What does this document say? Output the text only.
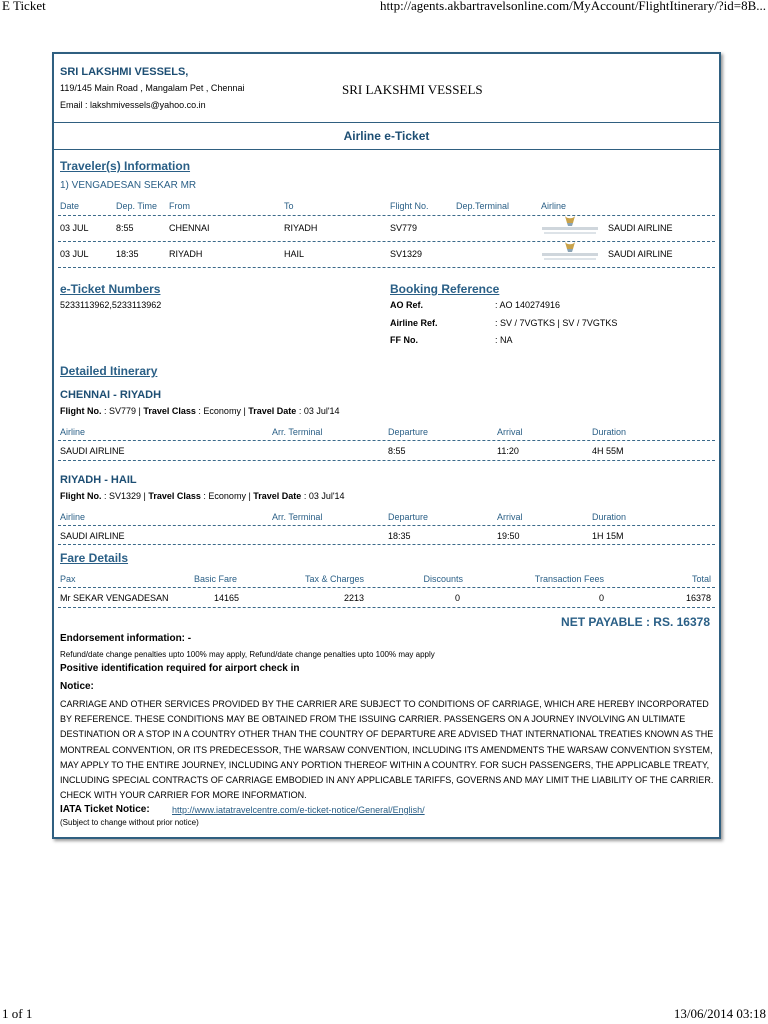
E Ticket	http://agents.akbartravelsonline.com/MyAccount/FlightItinerary/?id=8B...
SRI LAKSHMI VESSELS,
119/145 Main Road , Mangalam Pet , Chennai
Email : lakshmivessels@yahoo.co.in
SRI LAKSHMI VESSELS
Airline e-Ticket
Traveler(s) Information
1) VENGADESAN SEKAR MR
Date	Dep. Time From	To	Flight No.	Dep.Terminal	Airline
03 JUL	8:55	CHENNAI	RIYADH	SV779	SAUDI AIRLINE
03 JUL	18:35	RIYADH	HAIL	SV1329	SAUDI AIRLINE
e-Ticket Numbers
5233113962,5233113962
Booking Reference
AO Ref.	: AO 140274916
Airline Ref.	: SV / 7VGTKS | SV / 7VGTKS
FF No.	: NA
Detailed Itinerary
CHENNAI - RIYADH
Flight No. : SV779 | Travel Class : Economy | Travel Date : 03 Jul'14
Airline	Arr. Terminal	Departure	Arrival	Duration
SAUDI AIRLINE	8:55	11:20	4H 55M
RIYADH - HAIL
Flight No. : SV1329 | Travel Class : Economy | Travel Date : 03 Jul'14
Airline	Arr. Terminal	Departure	Arrival	Duration
SAUDI AIRLINE	18:35	19:50	1H 15M
Fare Details
Pax	Basic Fare	Tax & Charges	Discounts	Transaction Fees	Total
Mr SEKAR VENGADESAN	14165	2213	0	0	16378
NET PAYABLE : RS. 16378
Endorsement information: -
Refund/date change penalties upto 100% may apply, Refund/date change penalties upto 100% may apply
Positive identification required for airport check in
Notice:
CARRIAGE AND OTHER SERVICES PROVIDED BY THE CARRIER ARE SUBJECT TO CONDITIONS OF CARRIAGE, WHICH ARE HEREBY INCORPORATED
BY REFERENCE. THESE CONDITIONS MAY BE OBTAINED FROM THE ISSUING CARRIER. PASSENGERS ON A JOURNEY INVOLVING AN ULTIMATE
DESTINATION OR A STOP IN A COUNTRY OTHER THAN THE COUNTRY OF DEPARTURE ARE ADVISED THAT INTERNATIONAL TREATIES KNOWN AS THE
MONTREAL CONVENTION, OR ITS PREDECESSOR, THE WARSAW CONVENTION, INCLUDING ITS AMENDMENTS THE WARSAW CONVENTION SYSTEM,
MAY APPLY TO THE ENTIRE JOURNEY, INCLUDING ANY PORTION THEREOF WITHIN A COUNTRY. FOR SUCH PASSENGERS, THE APPLICABLE TREATY,
INCLUDING SPECIAL CONTRACTS OF CARRIAGE EMBODIED IN ANY APPLICABLE TARIFFS, GOVERNS AND MAY LIMIT THE LIABILITY OF THE CARRIER.
CHECK WITH YOUR CARRIER FOR MORE INFORMATION.
IATA Ticket Notice: http://www.iatatravelcentre.com/e-ticket-notice/General/English/
(Subject to change without prior notice)
1 of 1	13/06/2014 03:18
